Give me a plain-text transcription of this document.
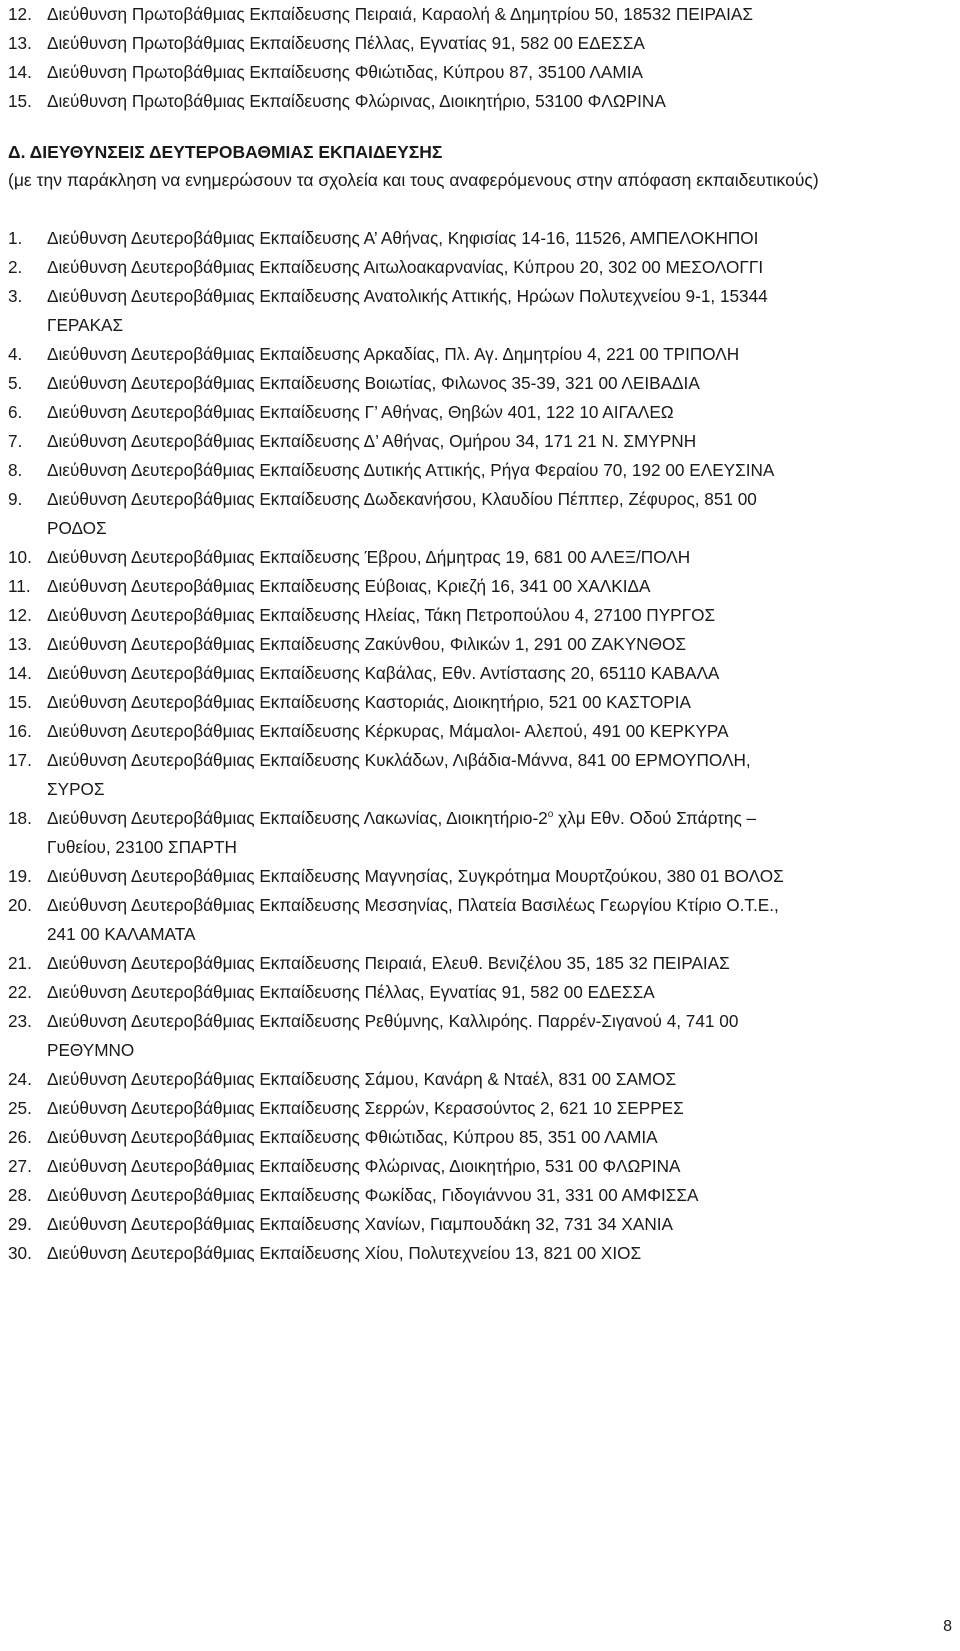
12. Διεύθυνση Πρωτοβάθμιας Εκπαίδευσης Πειραιά, Καραολή & Δημητρίου 50, 18532 ΠΕΙΡΑΙΑΣ
13. Διεύθυνση Πρωτοβάθμιας Εκπαίδευσης Πέλλας, Εγνατίας 91, 582 00 ΕΔΕΣΣΑ
14. Διεύθυνση Πρωτοβάθμιας Εκπαίδευσης Φθιώτιδας, Κύπρου 87, 35100 ΛΑΜΙΑ
15. Διεύθυνση Πρωτοβάθμιας Εκπαίδευσης Φλώρινας, Διοικητήριο, 53100 ΦΛΩΡΙΝΑ
Δ. ΔΙΕΥΘΥΝΣΕΙΣ ΔΕΥΤΕΡΟΒΑΘΜΙΑΣ ΕΚΠΑΙΔΕΥΣΗΣ
(με την παράκληση να ενημερώσουν τα σχολεία και τους αναφερόμενους στην απόφαση εκπαιδευτικούς)
1. Διεύθυνση Δευτεροβάθμιας Εκπαίδευσης Α’ Αθήνας, Κηφισίας 14-16, 11526, ΑΜΠΕΛΟΚΗΠΟΙ
2. Διεύθυνση Δευτεροβάθμιας Εκπαίδευσης Αιτωλοακαρνανίας, Κύπρου 20, 302 00 ΜΕΣΟΛΟΓΓΙ
3. Διεύθυνση Δευτεροβάθμιας Εκπαίδευσης Ανατολικής Αττικής, Ηρώων Πολυτεχνείου 9-1, 15344
ΓΕΡΑΚΑΣ
4. Διεύθυνση Δευτεροβάθμιας Εκπαίδευσης Αρκαδίας, Πλ. Αγ. Δημητρίου 4, 221 00 ΤΡΙΠΟΛΗ
5. Διεύθυνση Δευτεροβάθμιας Εκπαίδευσης Βοιωτίας, Φιλωνος 35-39, 321 00 ΛΕΙΒΑΔΙΑ
6. Διεύθυνση Δευτεροβάθμιας Εκπαίδευσης Γ’ Αθήνας, Θηβών 401, 122 10 ΑΙΓΑΛΕΩ
7. Διεύθυνση Δευτεροβάθμιας Εκπαίδευσης Δ’ Αθήνας, Ομήρου 34, 171 21 Ν. ΣΜΥΡΝΗ
8. Διεύθυνση Δευτεροβάθμιας Εκπαίδευσης Δυτικής Αττικής, Ρήγα Φεραίου 70, 192 00 ΕΛΕΥΣΙΝΑ
9. Διεύθυνση Δευτεροβάθμιας Εκπαίδευσης Δωδεκανήσου, Κλαυδίου Πέππερ, Ζέφυρος, 851 00
ΡΟΔΟΣ
10. Διεύθυνση Δευτεροβάθμιας Εκπαίδευσης Έβρου, Δήμητρας 19, 681 00 ΑΛΕΞ/ΠΟΛΗ
11. Διεύθυνση Δευτεροβάθμιας Εκπαίδευσης Εύβοιας, Κριεζή 16, 341 00 ΧΑΛΚΙΔΑ
12. Διεύθυνση Δευτεροβάθμιας Εκπαίδευσης Ηλείας, Τάκη Πετροπούλου 4, 27100 ΠΥΡΓΟΣ
13. Διεύθυνση Δευτεροβάθμιας Εκπαίδευσης Ζακύνθου, Φιλικών 1, 291 00 ΖΑΚΥΝΘΟΣ
14. Διεύθυνση Δευτεροβάθμιας Εκπαίδευσης Καβάλας, Εθν. Αντίστασης 20, 65110 ΚΑΒΑΛΑ
15. Διεύθυνση Δευτεροβάθμιας Εκπαίδευσης Καστοριάς, Διοικητήριο, 521 00 ΚΑΣΤΟΡΙΑ
16. Διεύθυνση Δευτεροβάθμιας Εκπαίδευσης Κέρκυρας, Μάμαλοι- Αλεπού, 491 00 ΚΕΡΚΥΡΑ
17. Διεύθυνση Δευτεροβάθμιας Εκπαίδευσης Κυκλάδων, Λιβάδια-Μάννα, 841 00 ΕΡΜΟΥΠΟΛΗ,
ΣΥΡΟΣ
18. Διεύθυνση Δευτεροβάθμιας Εκπαίδευσης Λακωνίας, Διοικητήριο-$2^o$ χλμ Εθν. Οδού Σπάρτης –
Γυθείου, 23100 ΣΠΑΡΤΗ
19. Διεύθυνση Δευτεροβάθμιας Εκπαίδευσης Μαγνησίας, Συγκρότημα Μουρτζούκου, 380 01 ΒΟΛΟΣ
20. Διεύθυνση Δευτεροβάθμιας Εκπαίδευσης Μεσσηνίας, Πλατεία Βασιλέως Γεωργίου Κτίριο Ο.Τ.Ε.,
241 00 ΚΑΛΑΜΑΤΑ
21. Διεύθυνση Δευτεροβάθμιας Εκπαίδευσης Πειραιά, Ελευθ. Βενιζέλου 35, 185 32 ΠΕΙΡΑΙΑΣ
22. Διεύθυνση Δευτεροβάθμιας Εκπαίδευσης Πέλλας, Εγνατίας 91, 582 00 ΕΔΕΣΣΑ
23. Διεύθυνση Δευτεροβάθμιας Εκπαίδευσης Ρεθύμνης, Καλλιρόης. Παρρέν-Σιγανού 4, 741 00
ΡΕΘΥΜΝΟ
24. Διεύθυνση Δευτεροβάθμιας Εκπαίδευσης Σάμου, Κανάρη & Νταέλ, 831 00 ΣΑΜΟΣ
25. Διεύθυνση Δευτεροβάθμιας Εκπαίδευσης Σερρών, Κερασούντος 2, 621 10 ΣΕΡΡΕΣ
26. Διεύθυνση Δευτεροβάθμιας Εκπαίδευσης Φθιώτιδας, Κύπρου 85, 351 00 ΛΑΜΙΑ
27. Διεύθυνση Δευτεροβάθμιας Εκπαίδευσης Φλώρινας, Διοικητήριο, 531 00 ΦΛΩΡΙΝΑ
28. Διεύθυνση Δευτεροβάθμιας Εκπαίδευσης Φωκίδας, Γιδογιάννου 31, 331 00 ΑΜΦΙΣΣΑ
29. Διεύθυνση Δευτεροβάθμιας Εκπαίδευσης Χανίων, Γιαμπουδάκη 32, 731 34 ΧΑΝΙΑ
30. Διεύθυνση Δευτεροβάθμιας Εκπαίδευσης Χίου, Πολυτεχνείου 13, 821 00 ΧΙΟΣ
8
